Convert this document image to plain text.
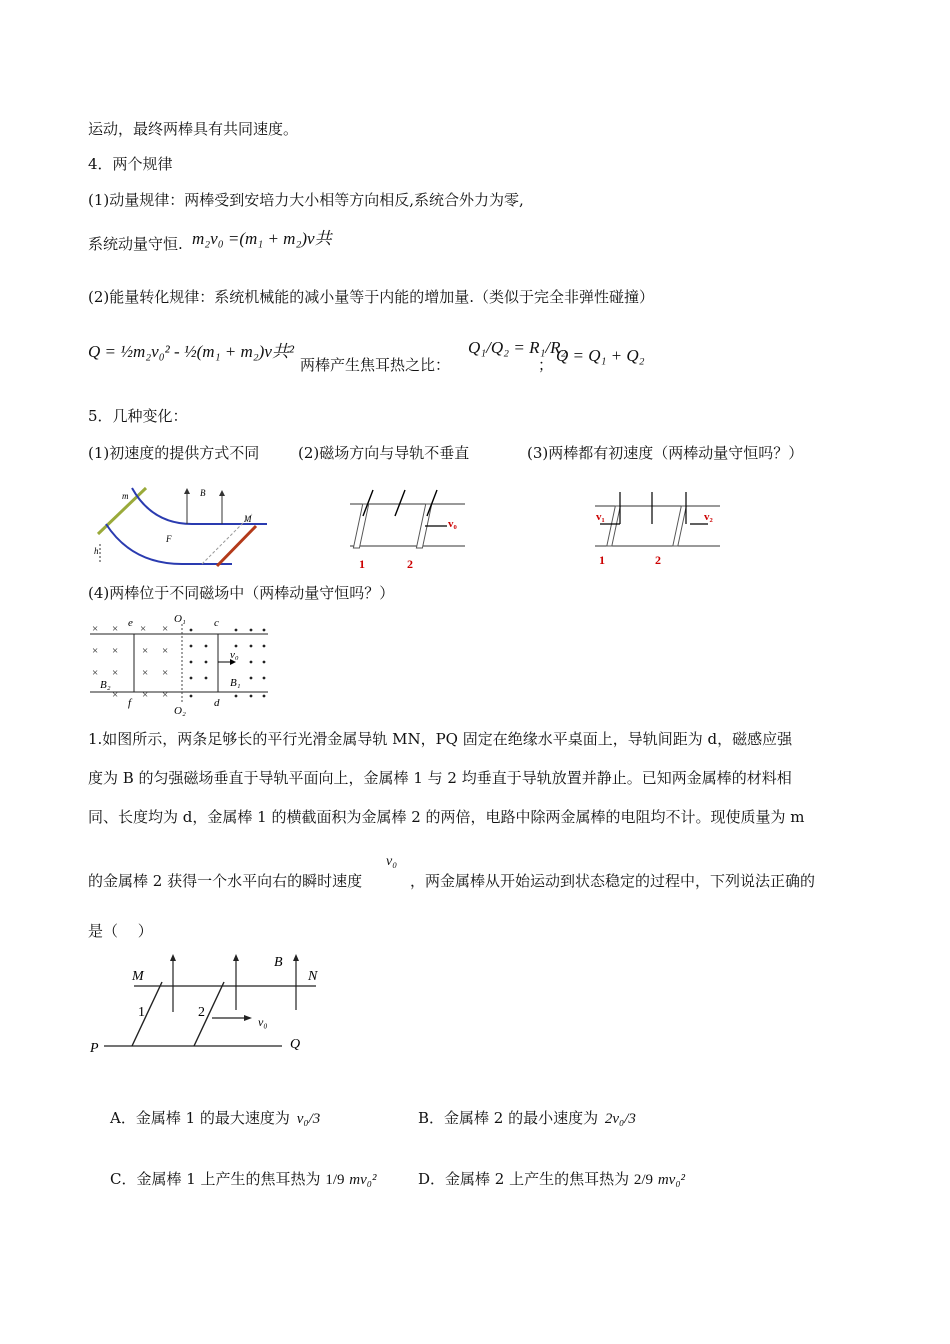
运动，最终两棒具有共同速度。
4．两个规律
(1)动量规律：两棒受到安培力大小相等方向相反,系统合外力为零,
系统动量守恒. m₂v₀ =(m₁ + m₂)v共
(2)能量转化规律：系统机械能的减小量等于内能的增加量.（类似于完全非弹性碰撞）
Q = ½m₂v₀² - ½(m₁ + m₂)v共²
两棒产生焦耳热之比：
Q₁/Q₂ = R₁/R₂
； Q = Q₁ + Q₂
5．几种变化：
(1)初速度的提供方式不同	(2)磁场方向与导轨不垂直	(3)两棒都有初速度（两棒动量守恒吗？）
m	B
M
F
h
v₀
1	2
v₁	v₂
1	2
(4)两棒位于不同磁场中（两棒动量守恒吗？）
× × × ×
× × × ×
× × × ×
× × ×
e	c
f	d
O₁
O₂
B₁
B₂
v₀
1.如图所示，两条足够长的平行光滑金属导轨 MN，PQ 固定在绝缘水平桌面上，导轨间距为 d，磁感应强
度为 B 的匀强磁场垂直于导轨平面向上，金属棒 1 与 2 均垂直于导轨放置并静止。已知两金属棒的材料相
同、长度均为 d，金属棒 1 的横截面积为金属棒 2 的两倍，电路中除两金属棒的电阻均不计。现使质量为 m
的金属棒 2 获得一个水平向右的瞬时速度
v₀
，两金属棒从开始运动到状态稳定的过程中，下列说法正确的
是（　 ）
M	N
P	Q
B
v₀
1	2
A．金属棒 1 的最大速度为 v₀/3	B．金属棒 2 的最小速度为 2v₀/3
C．金属棒 1 上产生的焦耳热为 1/9 mv₀²	D．金属棒 2 上产生的焦耳热为 2/9 mv₀²
